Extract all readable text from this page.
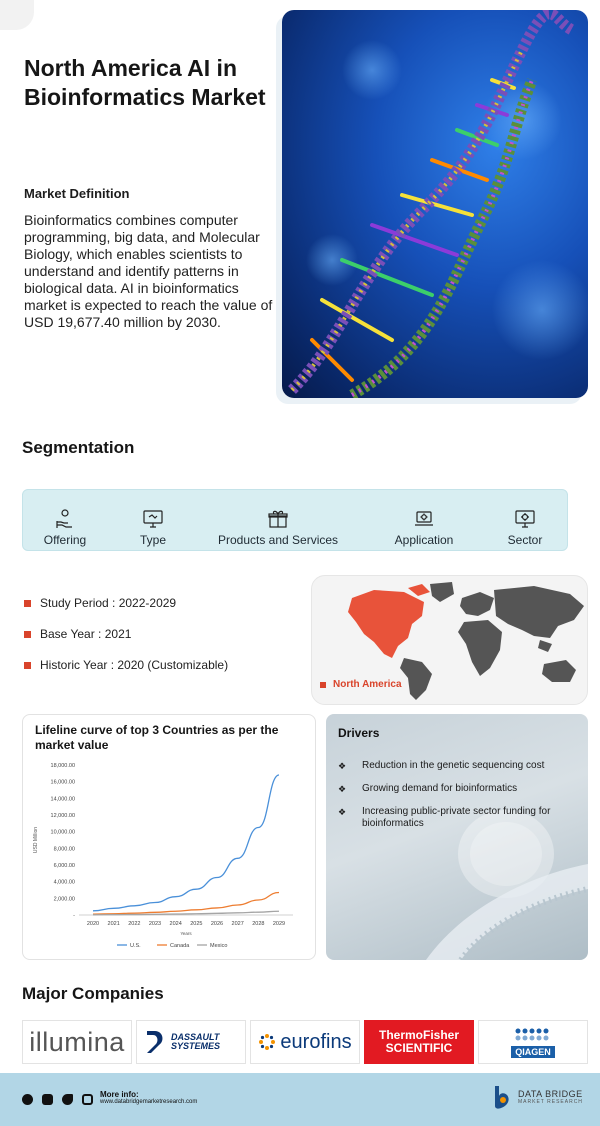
North America AI in Bioinformatics Market
Market Definition

Bioinformatics combines computer programming, big data, and Molecular Biology, which enables scientists to understand and identify patterns in biological data. AI in bioinformatics market is expected to reach the value of USD 19,677.40 million by 2030.

Segmentation
Offering	Type	Products and Services	Application	Sector
Study Period : 2022-2029
Base Year : 2021
Historic Year : 2020 (Customizable)
North America
Lifeline curve of top 3 Countries as per the market value
-
2,000.00
4,000.00
6,000.00
8,000.00
10,000.00
12,000.00
14,000.00
16,000.00
18,000.00
2020 2021 2022 2023 2024 2025 2026 2027 2028 2029
Years
USD Million
U.S.	Canada	Mexico
Drivers
❖	Reduction in the genetic sequencing cost
❖	Growing demand for bioinformatics
❖	Increasing public-private sector funding for bioinformatics
Major Companies
illumina	DASSAULT SYSTEMES	eurofins	ThermoFisher SCIENTIFIC	QIAGEN
More info:
www.databridgemarketresearch.com
DATA BRIDGE
MARKET RESEARCH
